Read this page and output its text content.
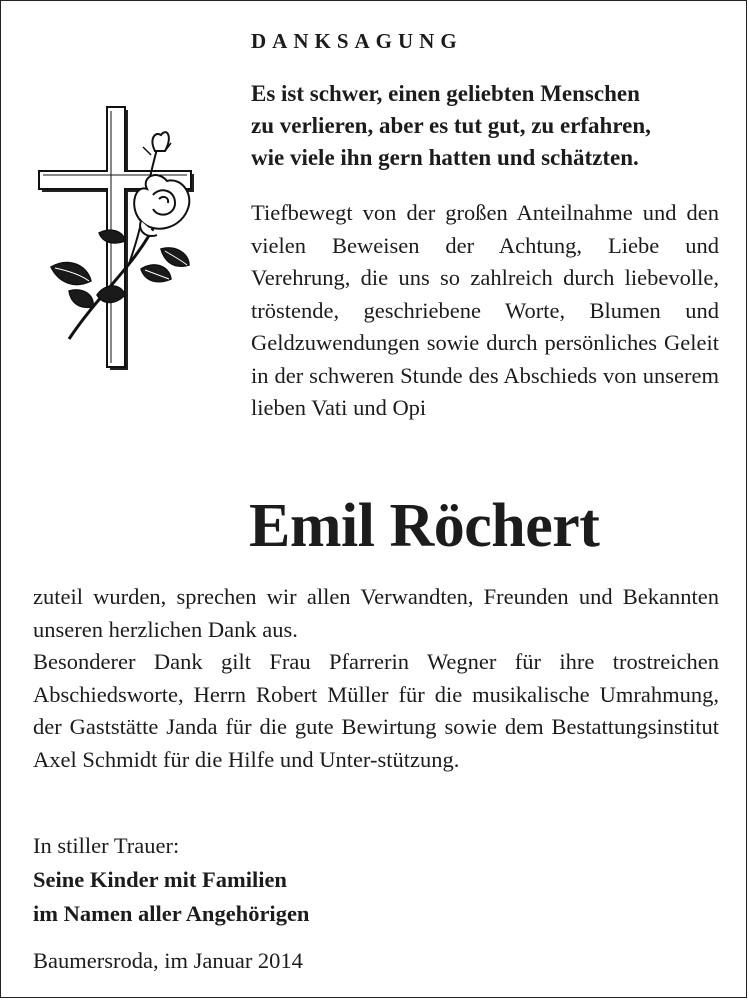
DANKSAGUNG
Es ist schwer, einen geliebten Menschen
zu verlieren, aber es tut gut, zu erfahren,
wie viele ihn gern hatten und schätzten.

Tiefbewegt von der großen Anteilnahme und den vielen Beweisen der Achtung, Liebe und Verehrung, die uns so zahlreich durch liebevolle, tröstende, geschriebene Worte, Blumen und Geldzuwendungen sowie durch persönliches Geleit in der schweren Stunde des Abschieds von unserem lieben Vati und Opi

Emil Röchert

zuteil wurden, sprechen wir allen Verwandten, Freunden und Bekannten unseren herzlichen Dank aus.

Besonderer Dank gilt Frau Pfarrerin Wegner für ihre trostreichen Abschiedsworte, Herrn Robert Müller für die musikalische Umrahmung, der Gaststätte Janda für die gute Bewirtung sowie dem Bestattungsinstitut Axel Schmidt für die Hilfe und Unter-stützung.

In stiller Trauer:
Seine Kinder mit Familien
im Namen aller Angehörigen

Baumersroda, im Januar 2014
